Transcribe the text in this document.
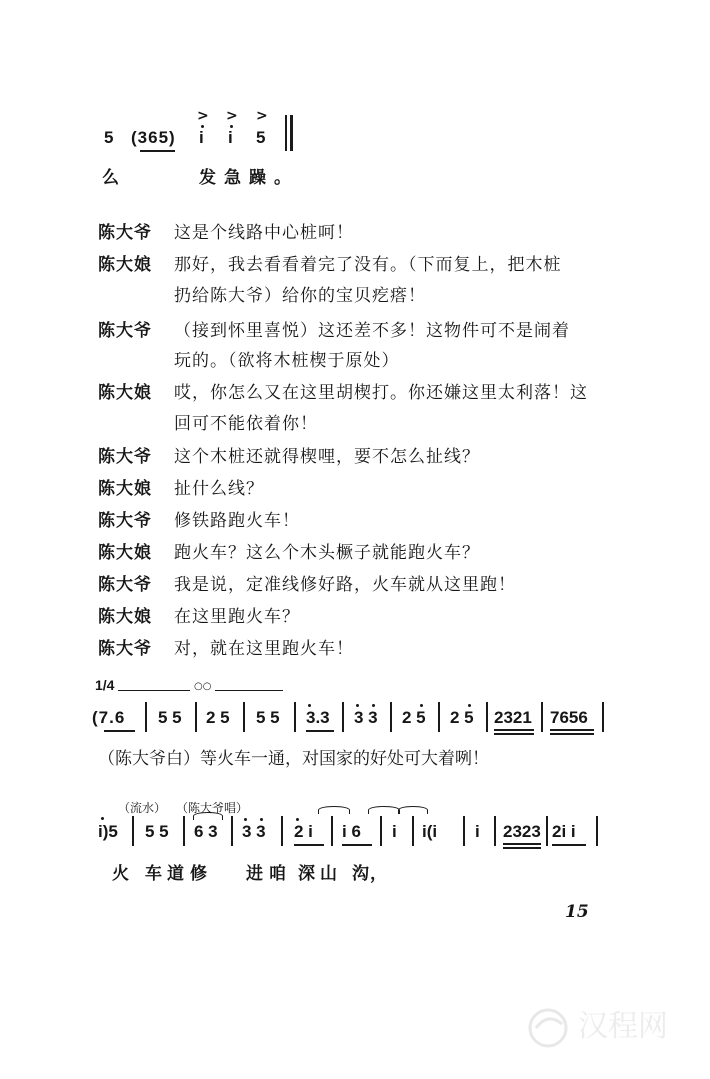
5 (365)
> > >
i i 5
么	发急躁。
陈大爷 这是个线路中心桩呵！
陈大娘 那好，我去看看着完了没有。（下而复上，把木桩
扔给陈大爷）给你的宝贝疙瘩！
陈大爷 （接到怀里喜悦）这还差不多！这物件可不是闹着
玩的。（欲将木桩楔于原处）
陈大娘 哎，你怎么又在这里胡楔打。你还嫌这里太利落！这
回可不能依着你！
陈大爷 这个木桩还就得楔哩，要不怎么扯线？
陈大娘 扯什么线？
陈大爷 修铁路跑火车！
陈大娘 跑火车？这么个木头橛子就能跑火车？
陈大爷 我是说，定准线修好路，火车就从这里跑！
陈大娘 在这里跑火车？
陈大爷 对，就在这里跑火车！
1/4	○○
(7.6 5 5 2 5 5 5 3.3 3 3 2 5 2 5 2321 7656
（陈大爷白）等火车一通，对国家的好处可大着咧！
（流水） （陈大爷唱）
i)5 5 5 6 3 3 3 2 i i 6 i i(i i 2323 2i i
火 车 道 修 进 咱 深 山 沟，
15
汉程网
